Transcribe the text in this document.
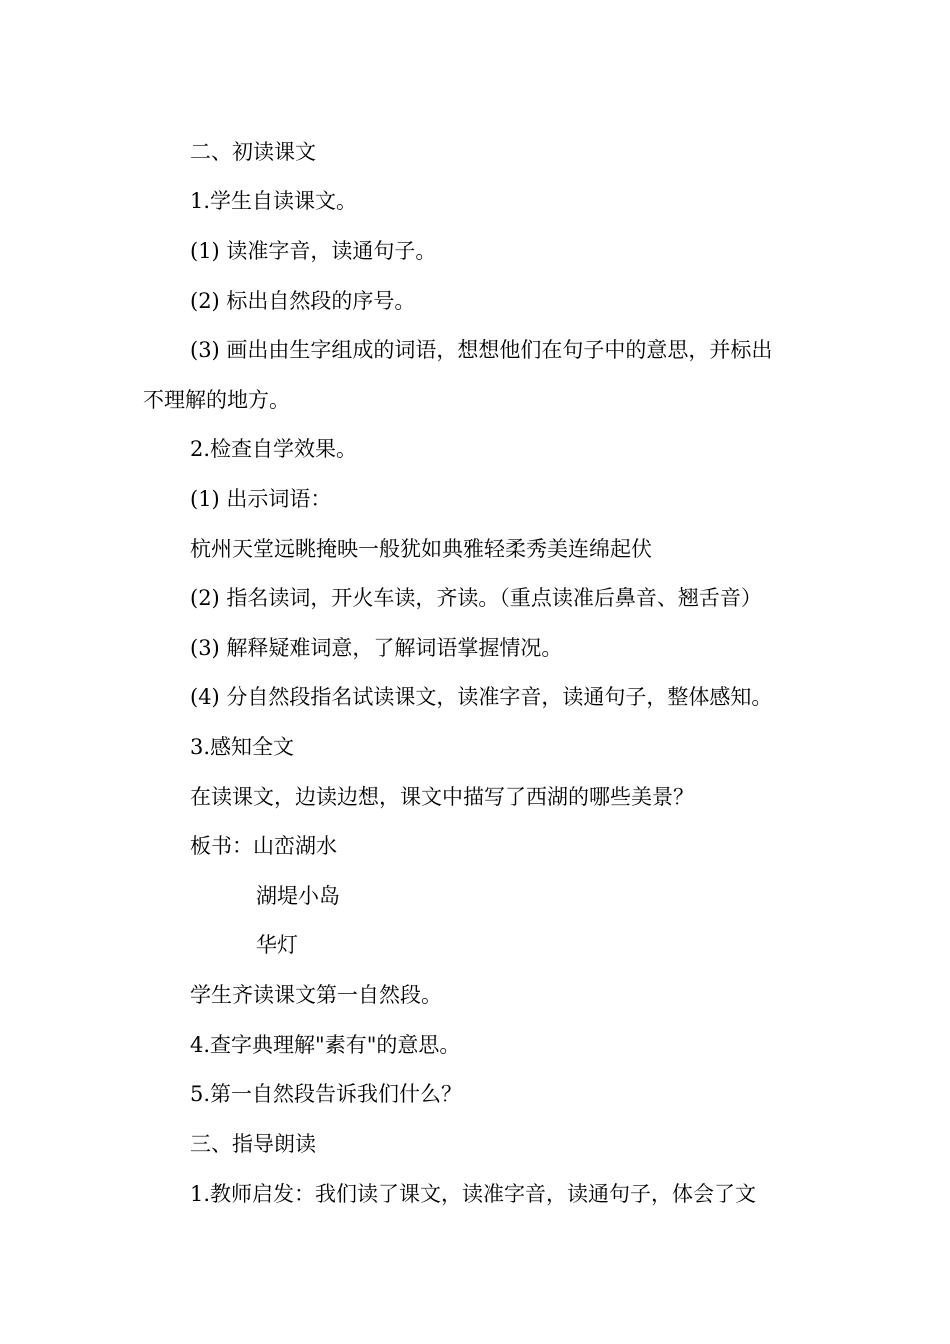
二、初读课文
1.学生自读课文。
(1) 读准字音，读通句子。
(2) 标出自然段的序号。
(3) 画出由生字组成的词语，想想他们在句子中的意思，并标出
不理解的地方。
2.检查自学效果。
(1) 出示词语：
杭州天堂远眺掩映一般犹如典雅轻柔秀美连绵起伏
(2) 指名读词，开火车读，齐读。（重点读准后鼻音、翘舌音）
(3) 解释疑难词意，了解词语掌握情况。
(4) 分自然段指名试读课文，读准字音，读通句子，整体感知。
3.感知全文
在读课文，边读边想，课文中描写了西湖的哪些美景？
板书：山峦湖水
湖堤小岛
华灯
学生齐读课文第一自然段。
4.查字典理解"素有"的意思。
5.第一自然段告诉我们什么？
三、指导朗读
1.教师启发：我们读了课文，读准字音，读通句子，体会了文
